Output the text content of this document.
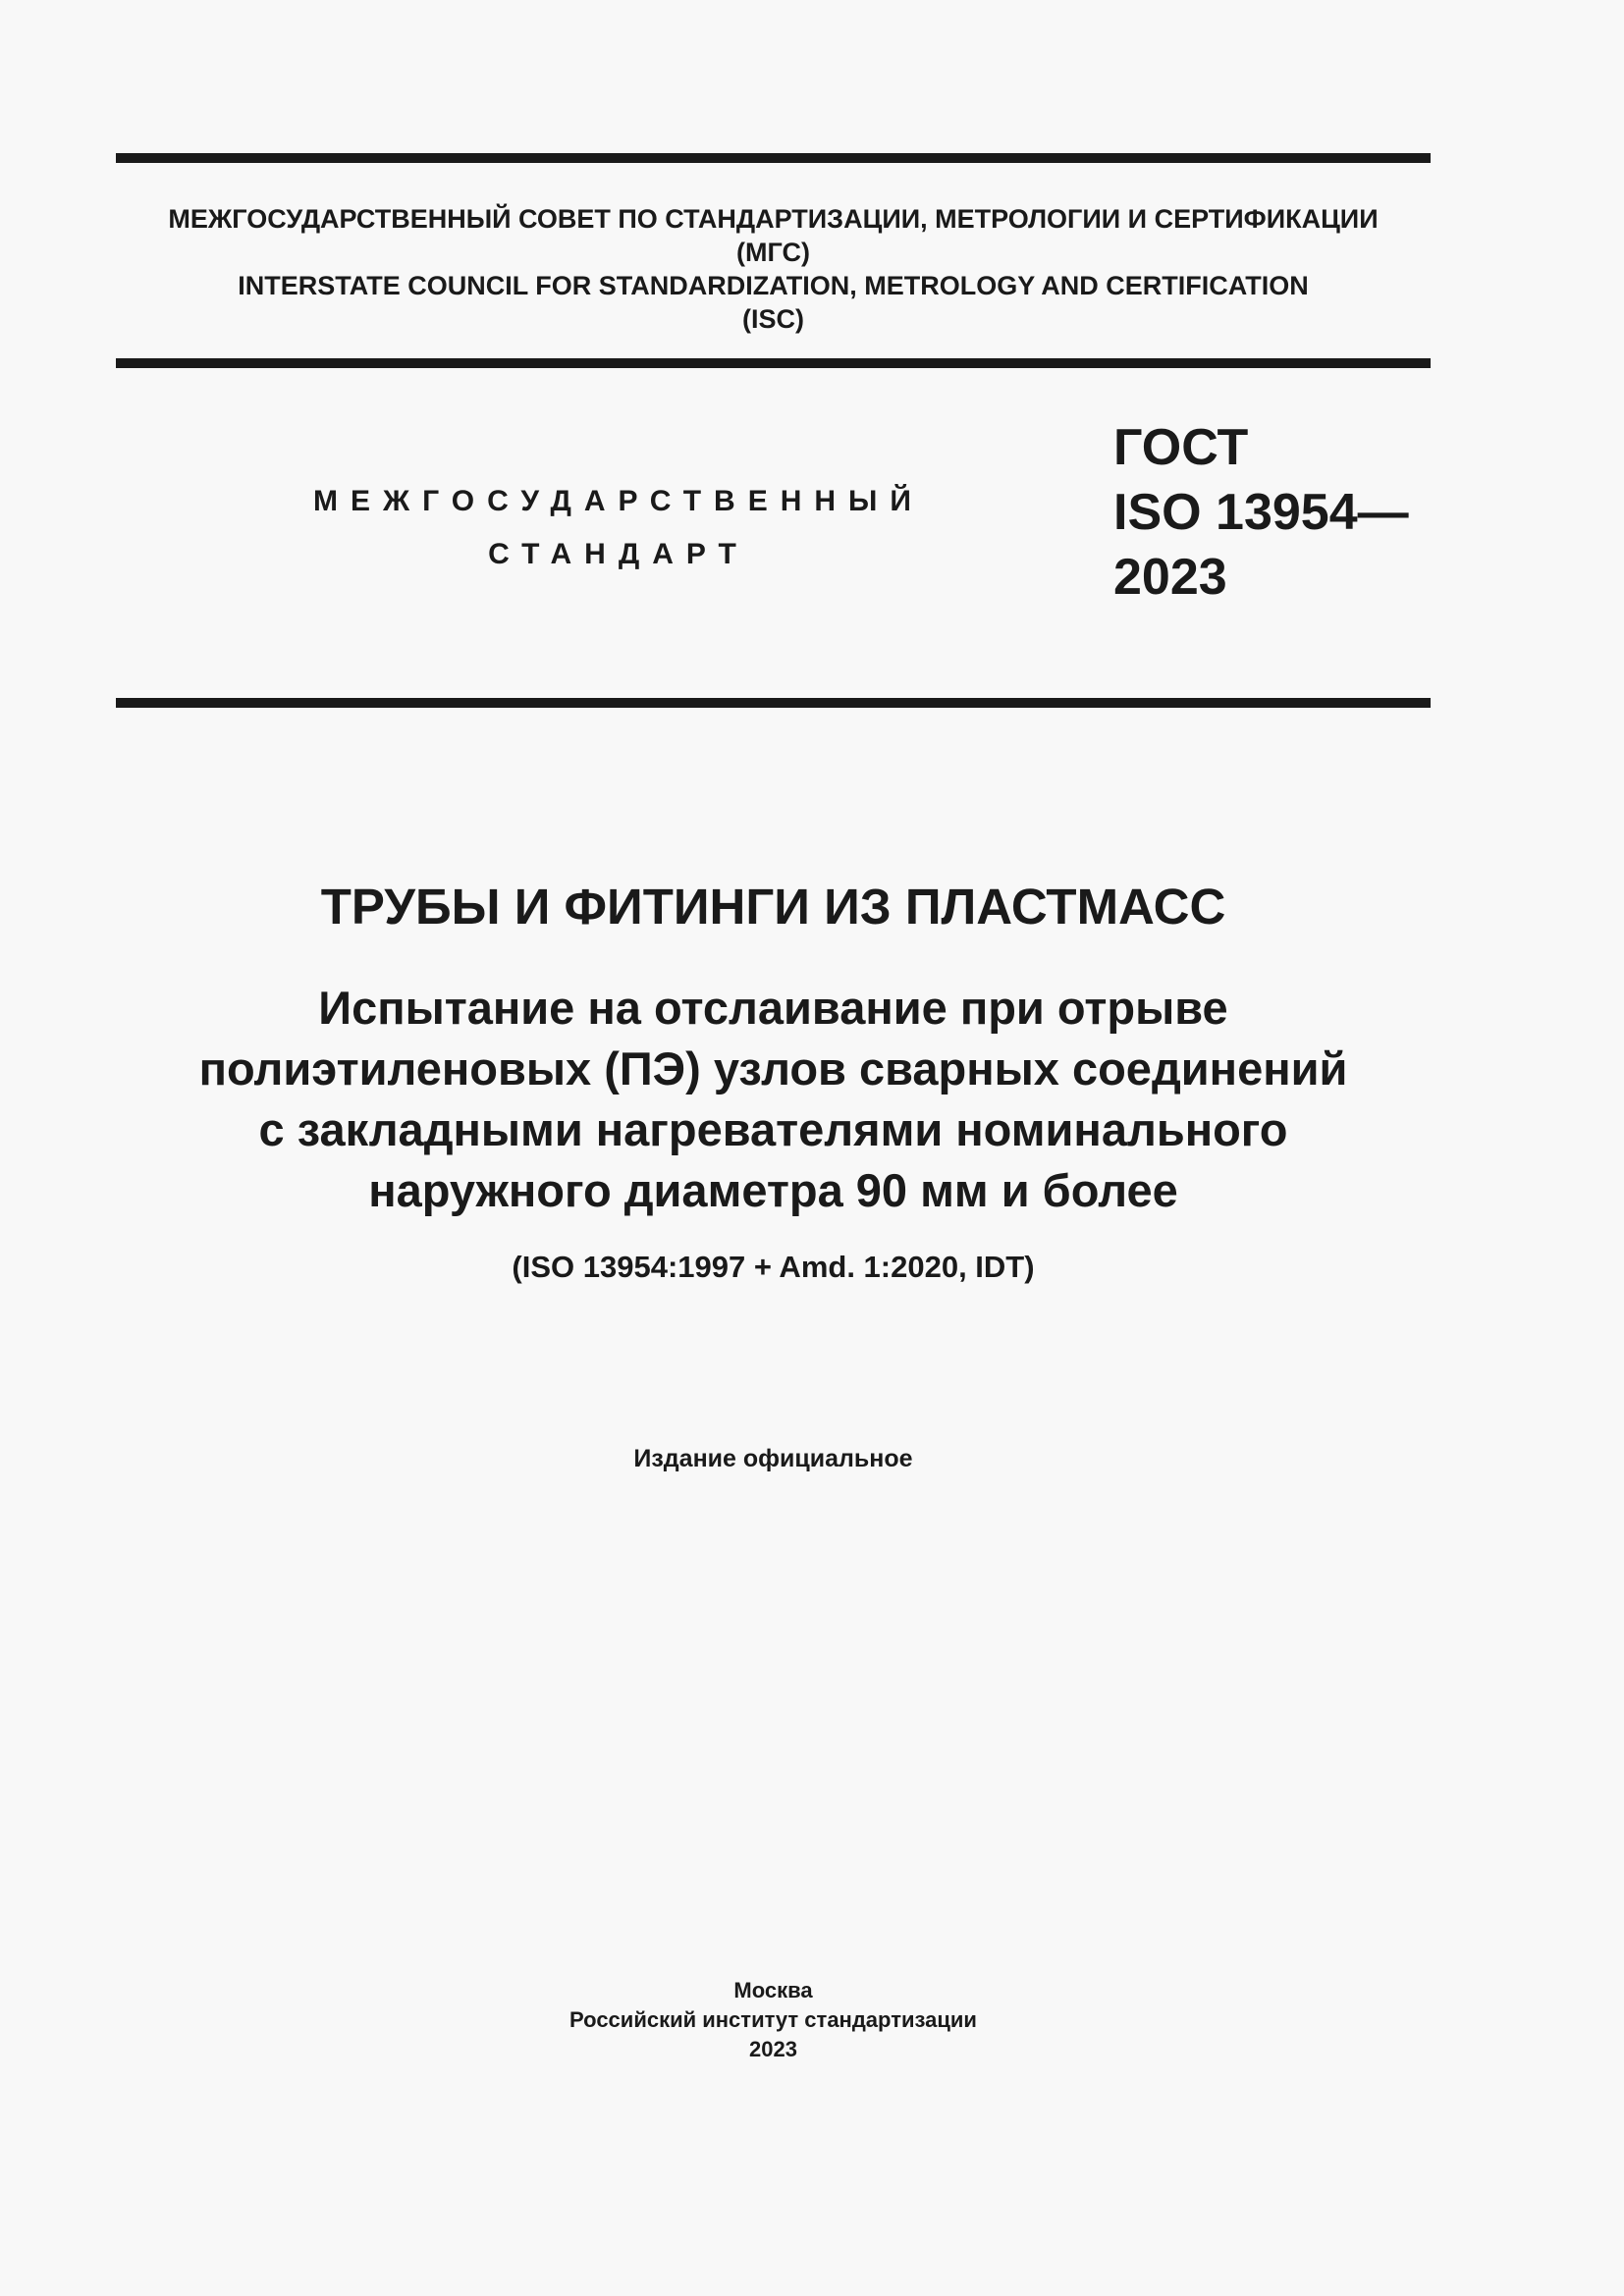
МЕЖГОСУДАРСТВЕННЫЙ СОВЕТ ПО СТАНДАРТИЗАЦИИ, МЕТРОЛОГИИ И СЕРТИФИКАЦИИ
(МГС)
INTERSTATE COUNCIL FOR STANDARDIZATION, METROLOGY AND CERTIFICATION
(ISC)
МЕЖГОСУДАРСТВЕННЫЙ
СТАНДАРТ
ГОСТ
ISO 13954—
2023
ТРУБЫ И ФИТИНГИ ИЗ ПЛАСТМАСС
Испытание на отслаивание при отрыве
полиэтиленовых (ПЭ) узлов сварных соединений
с закладными нагревателями номинального
наружного диаметра 90 мм и более
(ISO 13954:1997 + Amd. 1:2020, IDT)
Издание официальное
Москва
Российский институт стандартизации
2023
